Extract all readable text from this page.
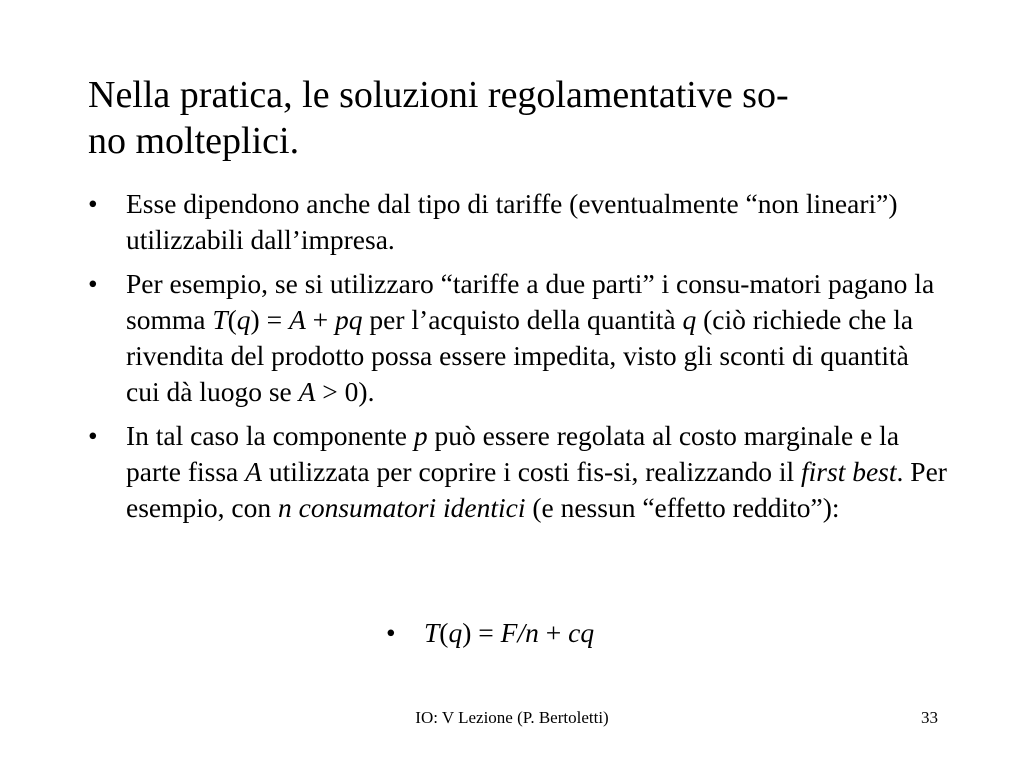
Nella pratica, le soluzioni regolamentative so-
no molteplici.
• Esse dipendono anche dal tipo di tariffe (eventualmente “non lineari”) utilizzabili dall’impresa.
• Per esempio, se si utilizzaro “tariffe a due parti” i consu-matori pagano la somma T(q) = A + pq per l’acquisto della quantità q (ciò richiede che la rivendita del prodotto possa essere impedita, visto gli sconti di quantità cui dà luogo se A > 0).
• In tal caso la componente p può essere regolata al costo marginale e la parte fissa A utilizzata per coprire i costi fis-si, realizzando il first best. Per esempio, con n consumatori identici (e nessun “effetto reddito”):
• T(q) = F/n + cq
IO: V Lezione (P. Bertoletti)	33
